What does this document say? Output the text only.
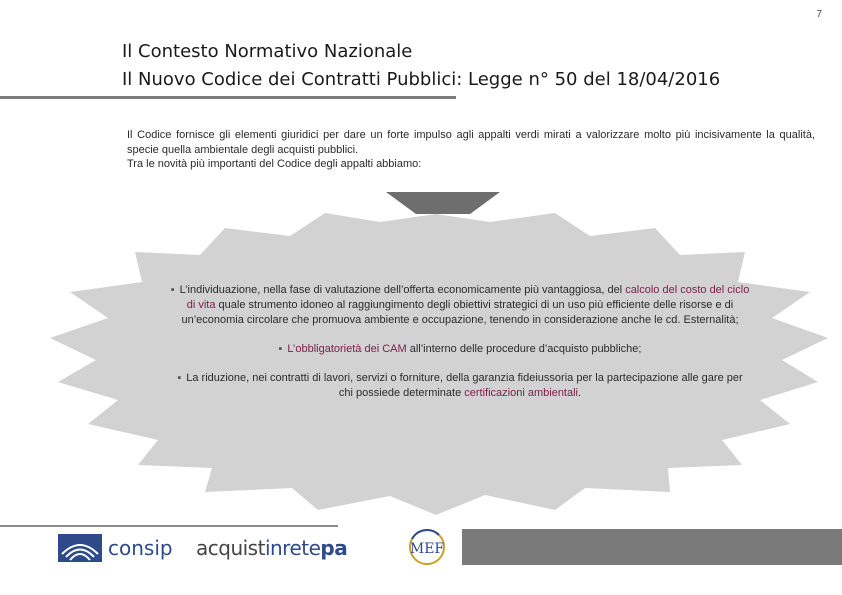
7
Il Contesto Normativo Nazionale
Il Nuovo Codice dei Contratti Pubblici: Legge n° 50 del 18/04/2016

Il Codice fornisce gli elementi giuridici per dare un forte impulso agli appalti verdi mirati a valorizzare molto più incisivamente la qualità, specie quella ambientale degli acquisti pubblici.

Tra le novità più importanti del Codice degli appalti abbiamo:

▪ L’individuazione, nella fase di valutazione dell’offerta economicamente più vantaggiosa, del calcolo del costo del ciclo di vita quale strumento idoneo al raggiungimento degli obiettivi strategici di un uso più efficiente delle risorse e di un’economia circolare che promuova ambiente e occupazione, tenendo in considerazione anche le cd. Esternalità;

▪ L’obbligatorietà dei CAM all’interno delle procedure d’acquisto pubbliche;

▪ La riduzione, nei contratti di lavori, servizi o forniture, della garanzia fideiussoria per la partecipazione alle gare per chi possiede determinate certificazioni ambientali.

consip acquistinretepa	MEF
